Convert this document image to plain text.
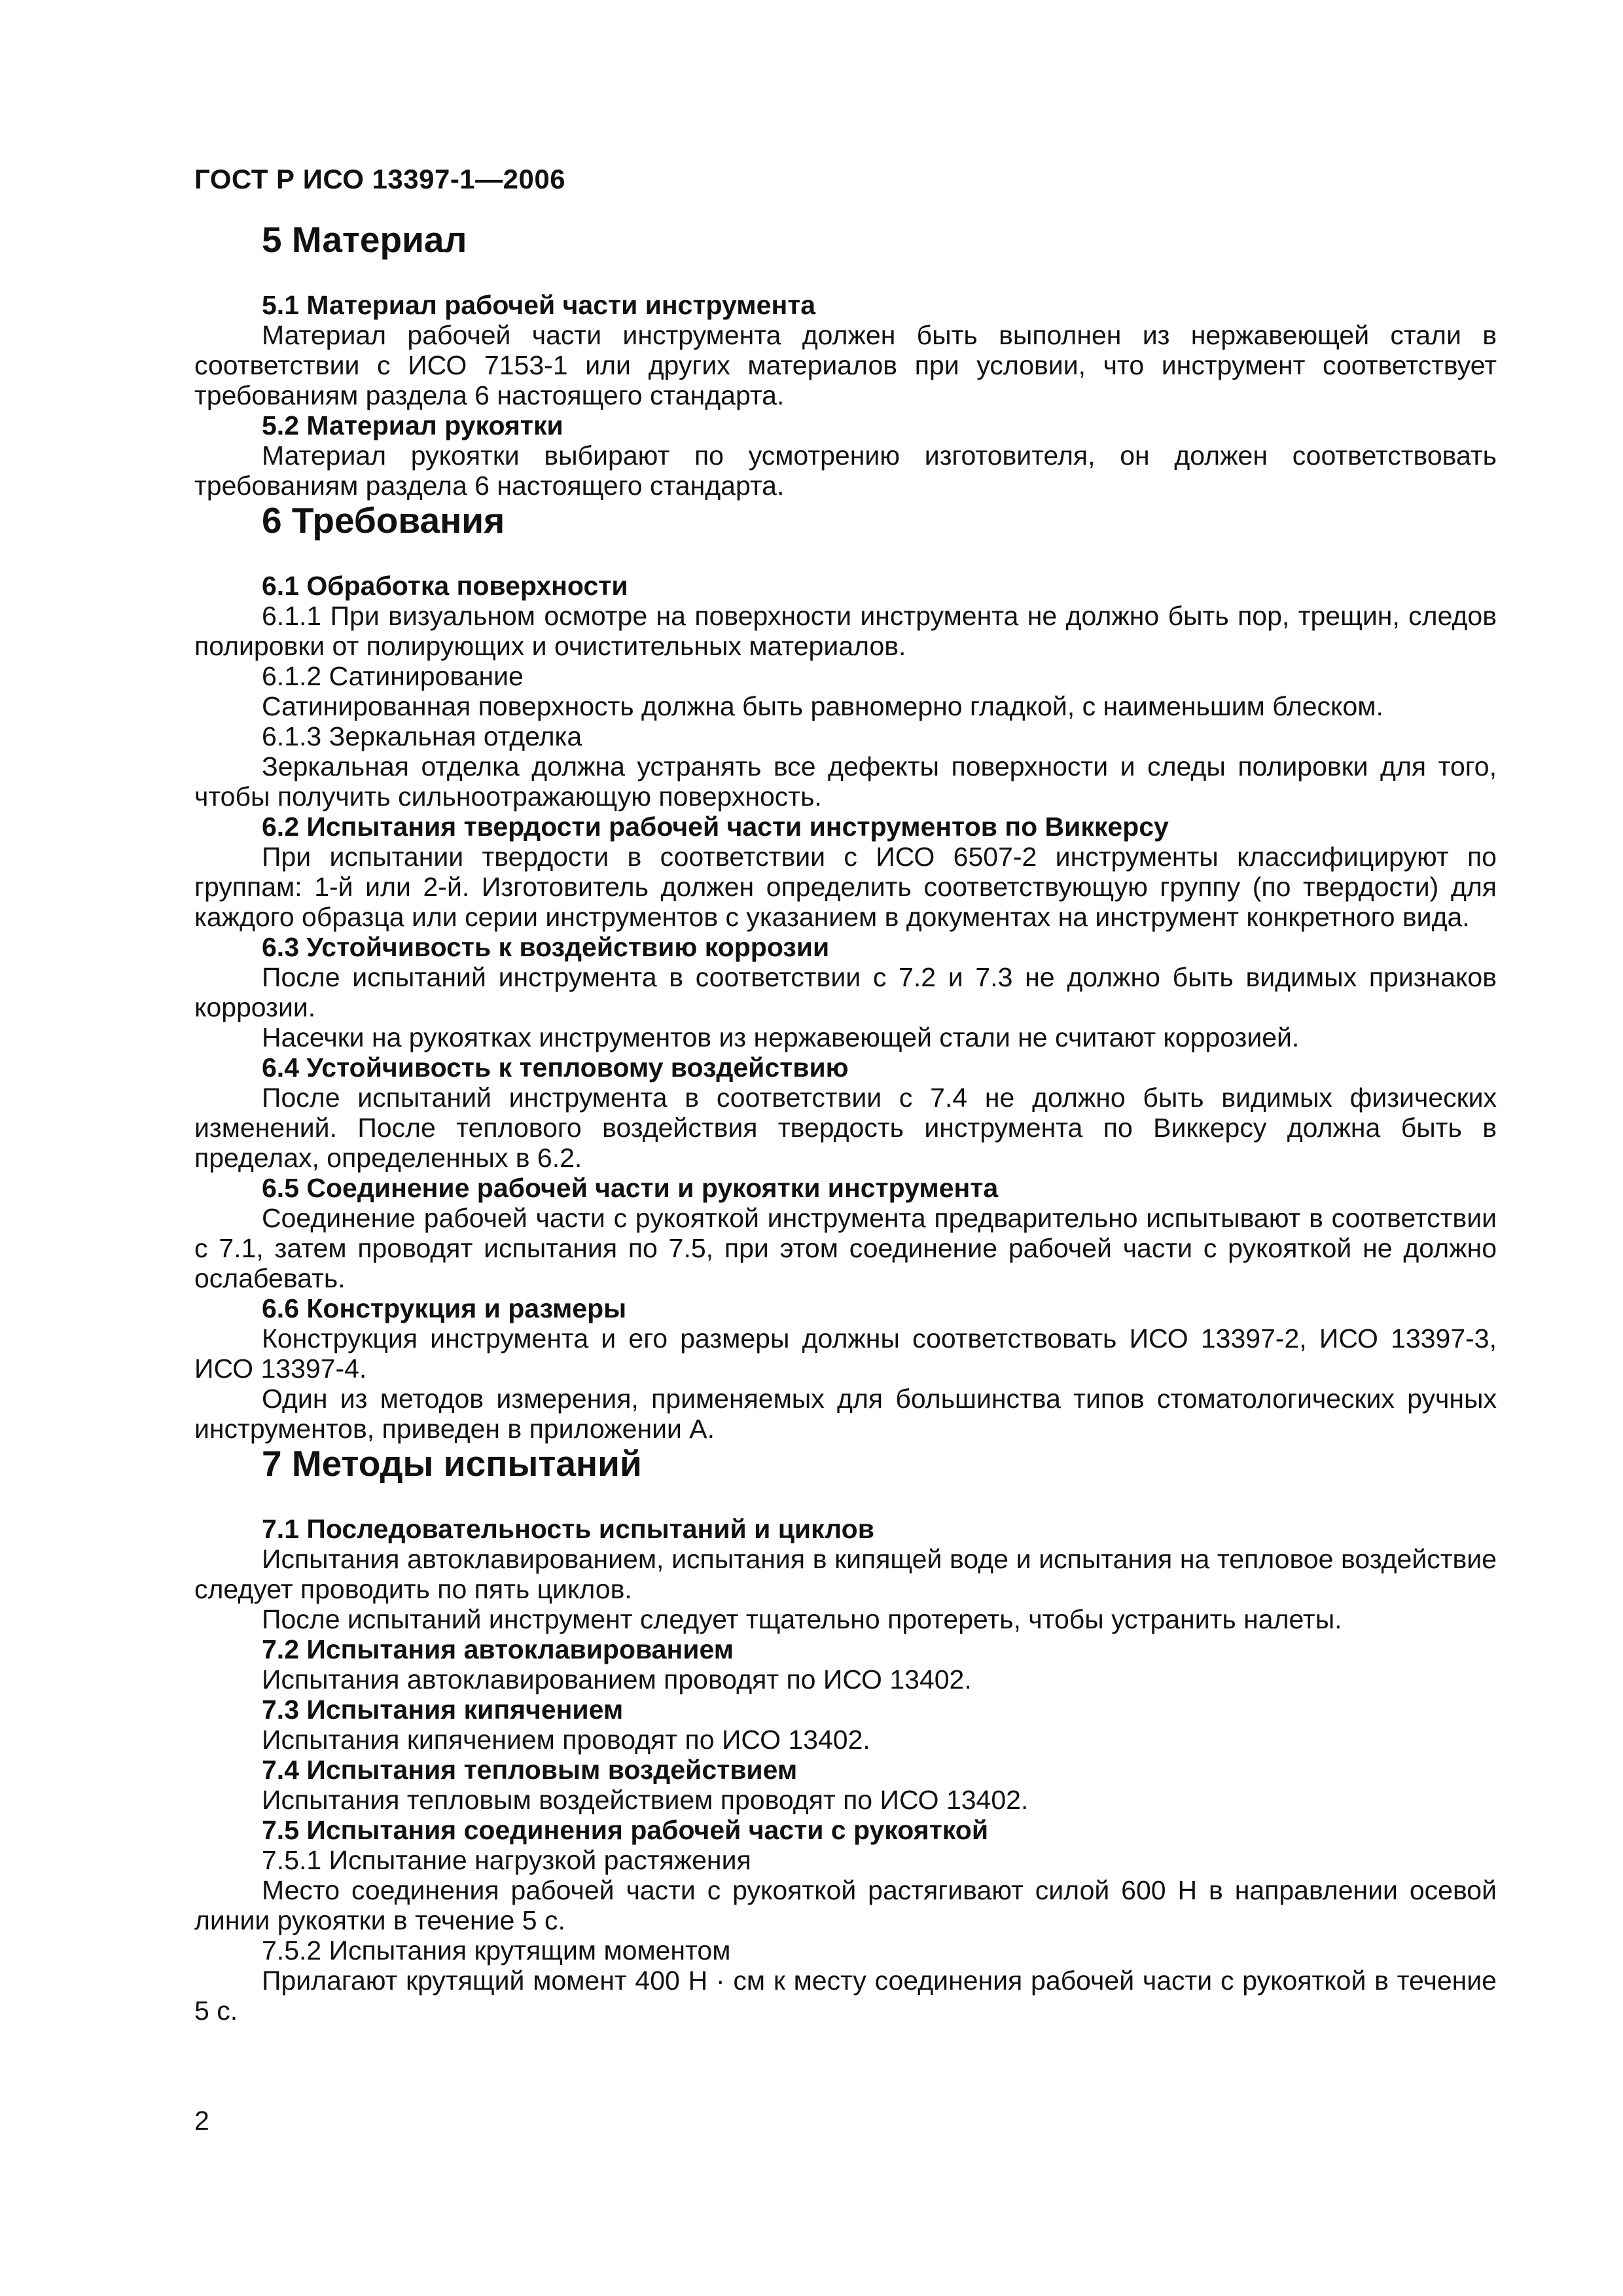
ГОСТ Р ИСО 13397-1—2006
5 Материал

5.1 Материал рабочей части инструмента

Материал рабочей части инструмента должен быть выполнен из нержавеющей стали в соответствии с ИСО 7153-1 или других материалов при условии, что инструмент соответствует требованиям раздела 6 настоящего стандарта.

5.2 Материал рукоятки

Материал рукоятки выбирают по усмотрению изготовителя, он должен соответствовать требованиям раздела 6 настоящего стандарта.

6 Требования

6.1 Обработка поверхности

6.1.1 При визуальном осмотре на поверхности инструмента не должно быть пор, трещин, следов полировки от полирующих и очистительных материалов.

6.1.2 Сатинирование

Сатинированная поверхность должна быть равномерно гладкой, с наименьшим блеском.

6.1.3 Зеркальная отделка

Зеркальная отделка должна устранять все дефекты поверхности и следы полировки для того, чтобы получить сильноотражающую поверхность.

6.2 Испытания твердости рабочей части инструментов по Виккерсу

При испытании твердости в соответствии с ИСО 6507-2 инструменты классифицируют по группам: 1-й или 2-й. Изготовитель должен определить соответствующую группу (по твердости) для каждого образца или серии инструментов с указанием в документах на инструмент конкретного вида.

6.3 Устойчивость к воздействию коррозии

После испытаний инструмента в соответствии с 7.2 и 7.3 не должно быть видимых признаков коррозии.

Насечки на рукоятках инструментов из нержавеющей стали не считают коррозией.

6.4 Устойчивость к тепловому воздействию

После испытаний инструмента в соответствии с 7.4 не должно быть видимых физических изменений. После теплового воздействия твердость инструмента по Виккерсу должна быть в пределах, определенных в 6.2.

6.5 Соединение рабочей части и рукоятки инструмента

Соединение рабочей части с рукояткой инструмента предварительно испытывают в соответствии с 7.1, затем проводят испытания по 7.5, при этом соединение рабочей части с рукояткой не должно ослабевать.

6.6 Конструкция и размеры

Конструкция инструмента и его размеры должны соответствовать ИСО 13397-2, ИСО 13397-3, ИСО 13397-4.

Один из методов измерения, применяемых для большинства типов стоматологических ручных инструментов, приведен в приложении А.

7 Методы испытаний

7.1 Последовательность испытаний и циклов

Испытания автоклавированием, испытания в кипящей воде и испытания на тепловое воздействие следует проводить по пять циклов.

После испытаний инструмент следует тщательно протереть, чтобы устранить налеты.

7.2 Испытания автоклавированием

Испытания автоклавированием проводят по ИСО 13402.

7.3 Испытания кипячением

Испытания кипячением проводят по ИСО 13402.

7.4 Испытания тепловым воздействием

Испытания тепловым воздействием проводят по ИСО 13402.

7.5 Испытания соединения рабочей части с рукояткой

7.5.1 Испытание нагрузкой растяжения

Место соединения рабочей части с рукояткой растягивают силой 600 Н в направлении осевой линии рукоятки в течение 5 с.

7.5.2 Испытания крутящим моментом

Прилагают крутящий момент 400 Н · см к месту соединения рабочей части с рукояткой в течение 5 с.

2
